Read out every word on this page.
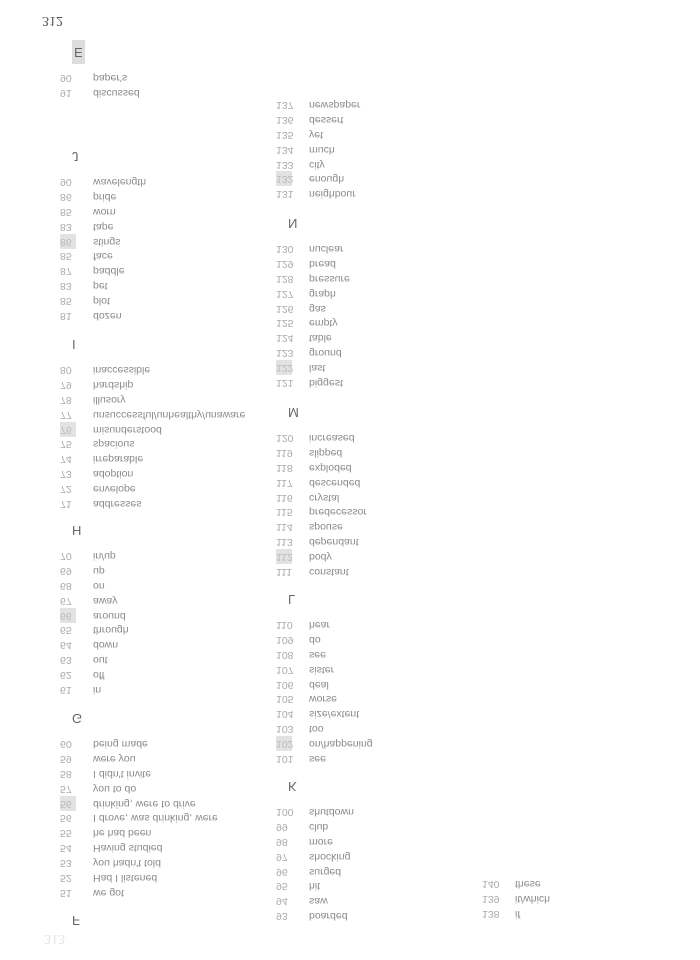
312
313
E
90 paper's
91 discussed
J
90 wavelength
86 pride
85 worn
83 tape
86 stings
85 face
87 paddle
83 pet
85 plot
81 dozen
I
80 inaccessible
79 hardship
78 illusory
77 unsuccessful/unhealthy/unaware
76 misunderstood
75 spacious
74 irreparable
73 adoption
72 envelope
71 addresses
H
70 in/up
69 up
68 on
67 away
66 around
65 through
64 down
63 out
62 off
61 in
G
60 being made
59 were you
58 I didn't invite
57 you to do
56 drinking, were to drive
56 I drove, was drinking, were
55 he had been
54 Having studied
53 you hadn't told
52 Had I listened
51 we got
F
137 newspaper
136 dessert
135 yet
134 much
133 city
132 enough
131 neighbour
N
130 nuclear
129 bread
128 pressure
127 graph
126 gas
125 empty
124 table
123 ground
122 last
121 biggest
M
120 increased
119 slipped
118 exploded
117 descended
116 crystal
115 predecessor
114 spouse
113 dependant
112 body
111 constant
L
110 hear
109 do
108 see
107 sister
106 deal
105 worse
104 size/extent
103 too
102 on/happening
101 see
K
100 shutdown
99 club
98 more
97 shocking
96 surged
95 hit
94 saw
93 boarded
140 these
139 it/which
138 if
